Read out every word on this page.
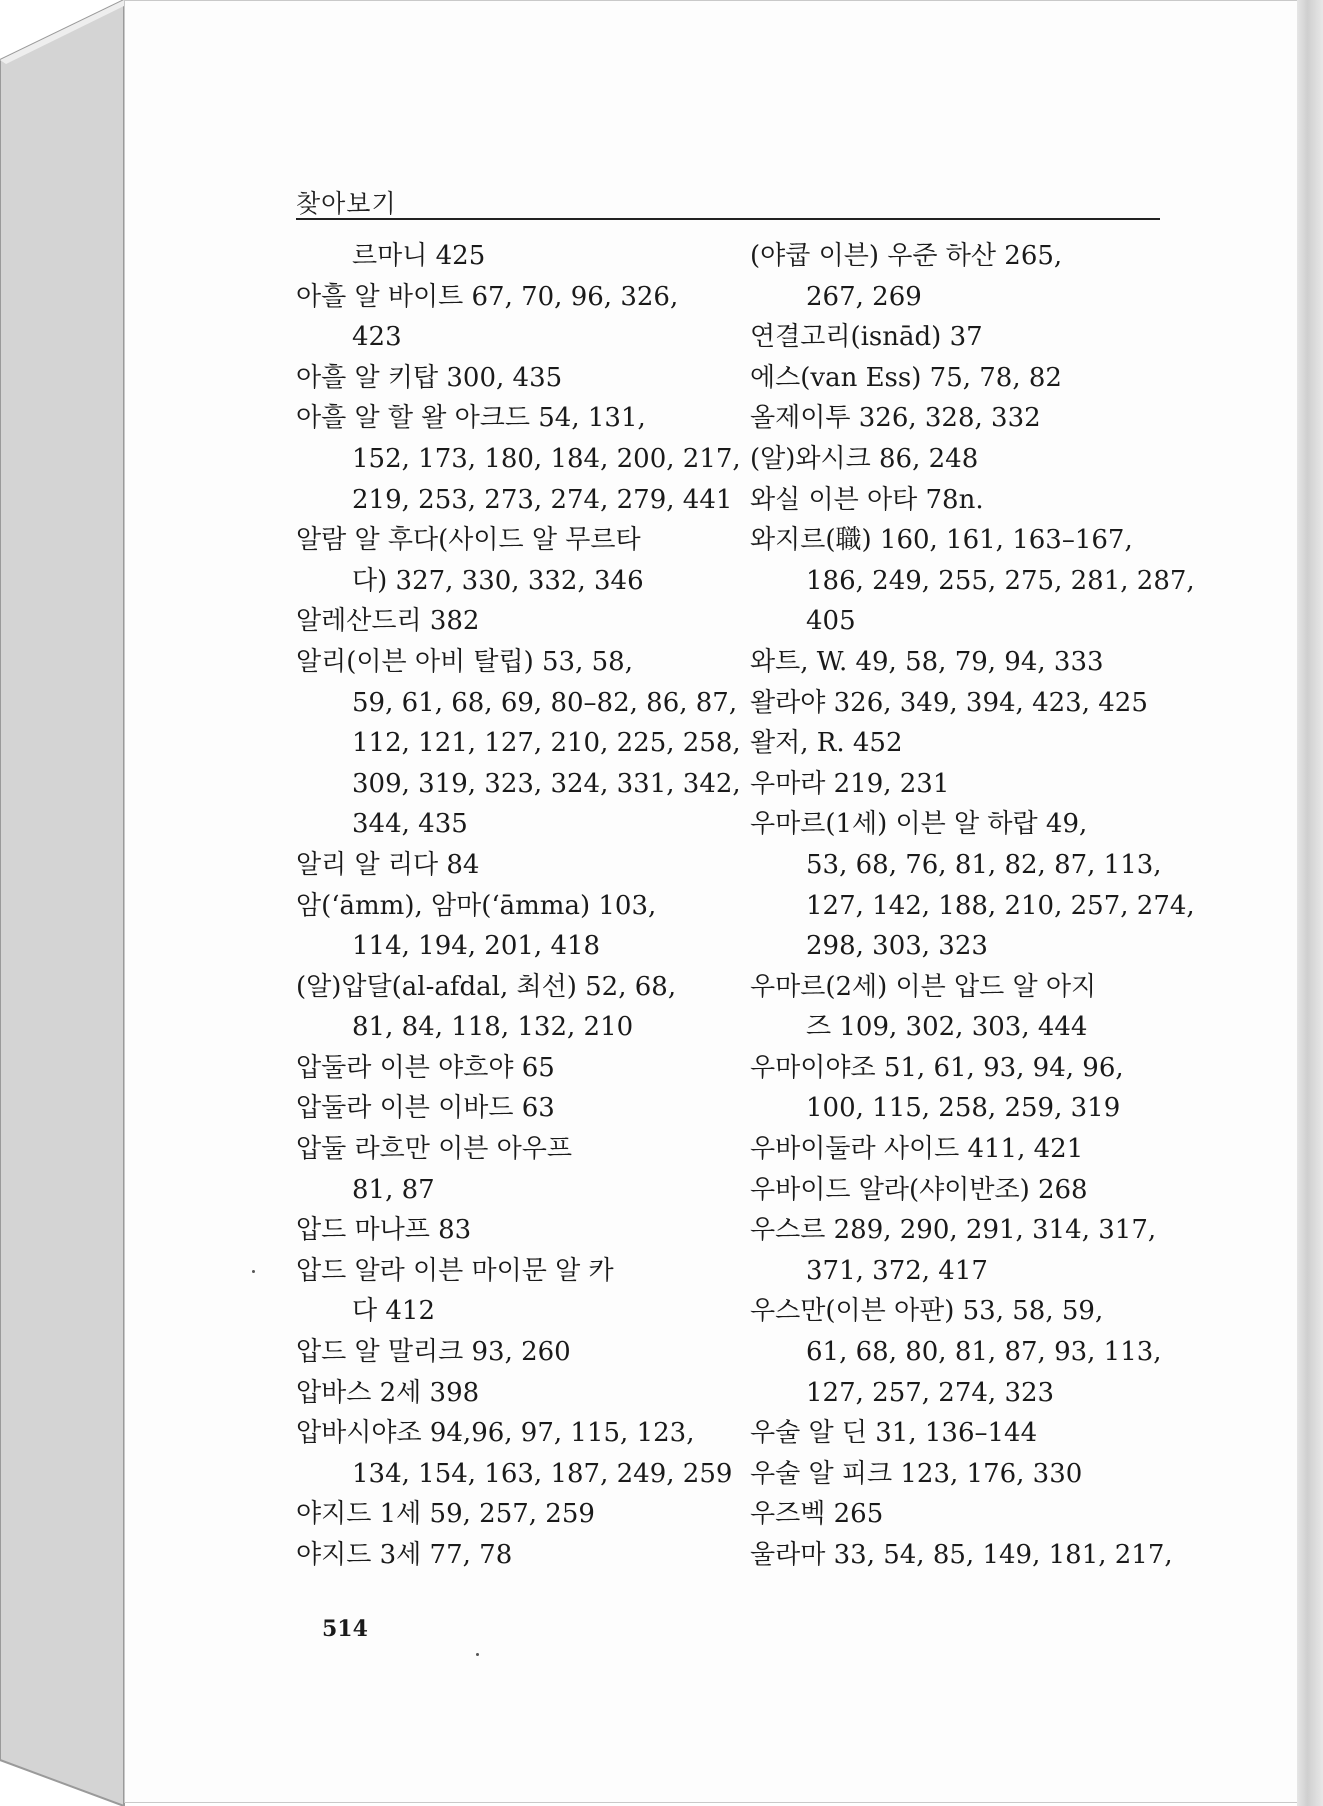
찾아보기
르마니 425
아흘 알 바이트 67, 70, 96, 326,
423
아흘 알 키탑 300, 435
아흘 알 할 왈 아크드 54, 131,
152, 173, 180, 184, 200, 217,
219, 253, 273, 274, 279, 441
알람 알 후다(사이드 알 무르타
다) 327, 330, 332, 346
알레산드리 382
알리(이븐 아비 탈립) 53, 58,
59, 61, 68, 69, 80–82, 86, 87,
112, 121, 127, 210, 225, 258,
309, 319, 323, 324, 331, 342,
344, 435
알리 알 리다 84
암(‘āmm), 암마(‘āmma) 103,
114, 194, 201, 418
(알)압달(al-afdal, 최선) 52, 68,
81, 84, 118, 132, 210
압둘라 이븐 야흐야 65
압둘라 이븐 이바드 63
압둘 라흐만 이븐 아우프
81, 87
압드 마나프 83
압드 알라 이븐 마이문 알 카
다 412
압드 알 말리크 93, 260
압바스 2세 398
압바시야조 94,96, 97, 115, 123,
134, 154, 163, 187, 249, 259
야지드 1세 59, 257, 259
야지드 3세 77, 78
(야쿱 이븐) 우준 하산 265,
267, 269
연결고리(isnād) 37
에스(van Ess) 75, 78, 82
올제이투 326, 328, 332
(알)와시크 86, 248
와실 이븐 아타 78n.
와지르(職) 160, 161, 163–167,
186, 249, 255, 275, 281, 287,
405
와트, W. 49, 58, 79, 94, 333
왈라야 326, 349, 394, 423, 425
왈저, R. 452
우마라 219, 231
우마르(1세) 이븐 알 하랍 49,
53, 68, 76, 81, 82, 87, 113,
127, 142, 188, 210, 257, 274,
298, 303, 323
우마르(2세) 이븐 압드 알 아지
즈 109, 302, 303, 444
우마이야조 51, 61, 93, 94, 96,
100, 115, 258, 259, 319
우바이둘라 사이드 411, 421
우바이드 알라(샤이반조) 268
우스르 289, 290, 291, 314, 317,
371, 372, 417
우스만(이븐 아판) 53, 58, 59,
61, 68, 80, 81, 87, 93, 113,
127, 257, 274, 323
우술 알 딘 31, 136–144
우술 알 피크 123, 176, 330
우즈벡 265
울라마 33, 54, 85, 149, 181, 217,
514
